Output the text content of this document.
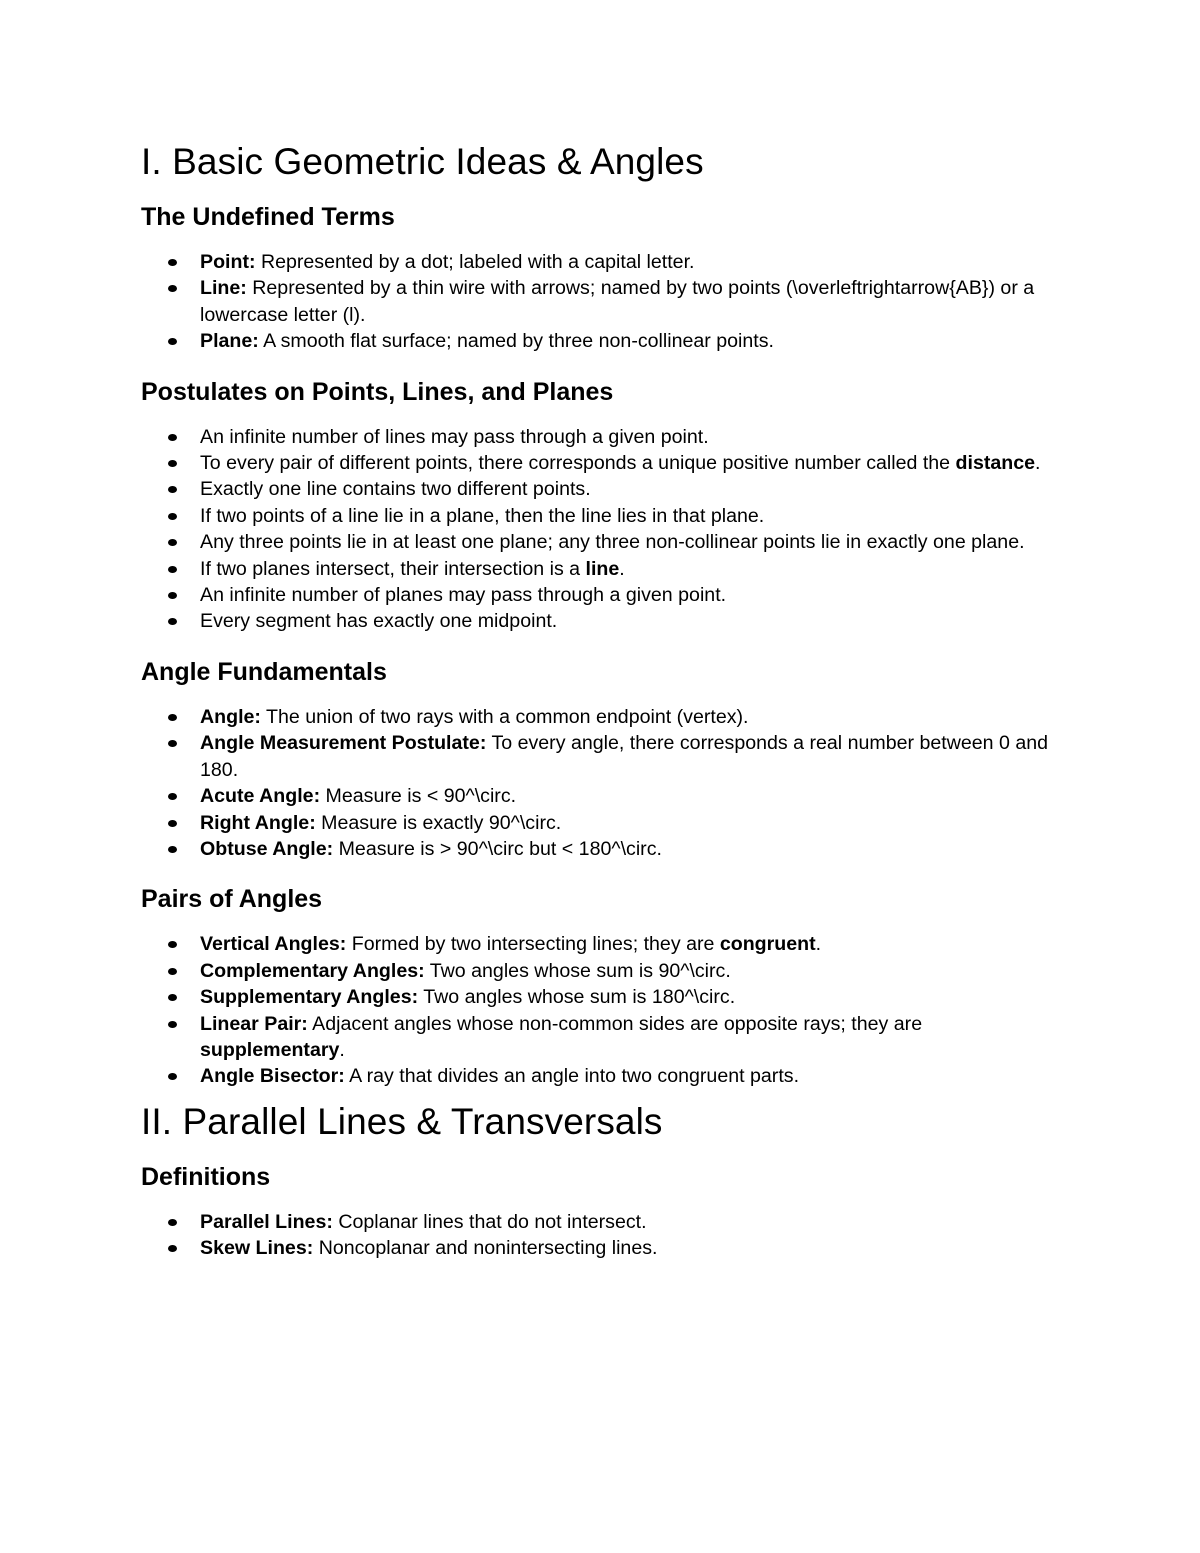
I. Basic Geometric Ideas & Angles
The Undefined Terms
Point: Represented by a dot; labeled with a capital letter.
Line: Represented by a thin wire with arrows; named by two points (\overleftrightarrow{AB}) or a lowercase letter (l).
Plane: A smooth flat surface; named by three non-collinear points.
Postulates on Points, Lines, and Planes
An infinite number of lines may pass through a given point.
To every pair of different points, there corresponds a unique positive number called the distance.
Exactly one line contains two different points.
If two points of a line lie in a plane, then the line lies in that plane.
Any three points lie in at least one plane; any three non-collinear points lie in exactly one plane.
If two planes intersect, their intersection is a line.
An infinite number of planes may pass through a given point.
Every segment has exactly one midpoint.
Angle Fundamentals
Angle: The union of two rays with a common endpoint (vertex).
Angle Measurement Postulate: To every angle, there corresponds a real number between 0 and 180.
Acute Angle: Measure is < 90^\circ.
Right Angle: Measure is exactly 90^\circ.
Obtuse Angle: Measure is > 90^\circ but < 180^\circ.
Pairs of Angles
Vertical Angles: Formed by two intersecting lines; they are congruent.
Complementary Angles: Two angles whose sum is 90^\circ.
Supplementary Angles: Two angles whose sum is 180^\circ.
Linear Pair: Adjacent angles whose non-common sides are opposite rays; they are supplementary.
Angle Bisector: A ray that divides an angle into two congruent parts.
II. Parallel Lines & Transversals
Definitions
Parallel Lines: Coplanar lines that do not intersect.
Skew Lines: Noncoplanar and nonintersecting lines.
